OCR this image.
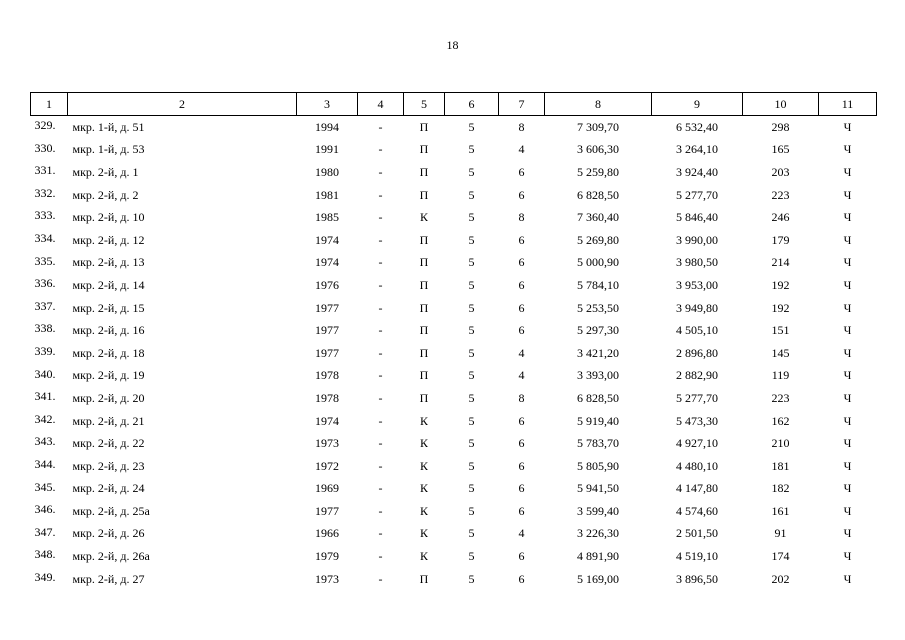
18
1	2	3	4	5	6	7	8	9	10	11
329.	мкр. 1-й, д. 51	1994	-	П	5	8	7 309,70	6 532,40	298	Ч
330.	мкр. 1-й, д. 53	1991	-	П	5	4	3 606,30	3 264,10	165	Ч
331.	мкр. 2-й, д. 1	1980	-	П	5	6	5 259,80	3 924,40	203	Ч
332.	мкр. 2-й, д. 2	1981	-	П	5	6	6 828,50	5 277,70	223	Ч
333.	мкр. 2-й, д. 10	1985	-	К	5	8	7 360,40	5 846,40	246	Ч
334.	мкр. 2-й, д. 12	1974	-	П	5	6	5 269,80	3 990,00	179	Ч
335.	мкр. 2-й, д. 13	1974	-	П	5	6	5 000,90	3 980,50	214	Ч
336.	мкр. 2-й, д. 14	1976	-	П	5	6	5 784,10	3 953,00	192	Ч
337.	мкр. 2-й, д. 15	1977	-	П	5	6	5 253,50	3 949,80	192	Ч
338.	мкр. 2-й, д. 16	1977	-	П	5	6	5 297,30	4 505,10	151	Ч
339.	мкр. 2-й, д. 18	1977	-	П	5	4	3 421,20	2 896,80	145	Ч
340.	мкр. 2-й, д. 19	1978	-	П	5	4	3 393,00	2 882,90	119	Ч
341.	мкр. 2-й, д. 20	1978	-	П	5	8	6 828,50	5 277,70	223	Ч
342.	мкр. 2-й, д. 21	1974	-	К	5	6	5 919,40	5 473,30	162	Ч
343.	мкр. 2-й, д. 22	1973	-	К	5	6	5 783,70	4 927,10	210	Ч
344.	мкр. 2-й, д. 23	1972	-	К	5	6	5 805,90	4 480,10	181	Ч
345.	мкр. 2-й, д. 24	1969	-	К	5	6	5 941,50	4 147,80	182	Ч
346.	мкр. 2-й, д. 25а	1977	-	К	5	6	3 599,40	4 574,60	161	Ч
347.	мкр. 2-й, д. 26	1966	-	К	5	4	3 226,30	2 501,50	91	Ч
348.	мкр. 2-й, д. 26а	1979	-	К	5	6	4 891,90	4 519,10	174	Ч
349.	мкр. 2-й, д. 27	1973	-	П	5	6	5 169,00	3 896,50	202	Ч
